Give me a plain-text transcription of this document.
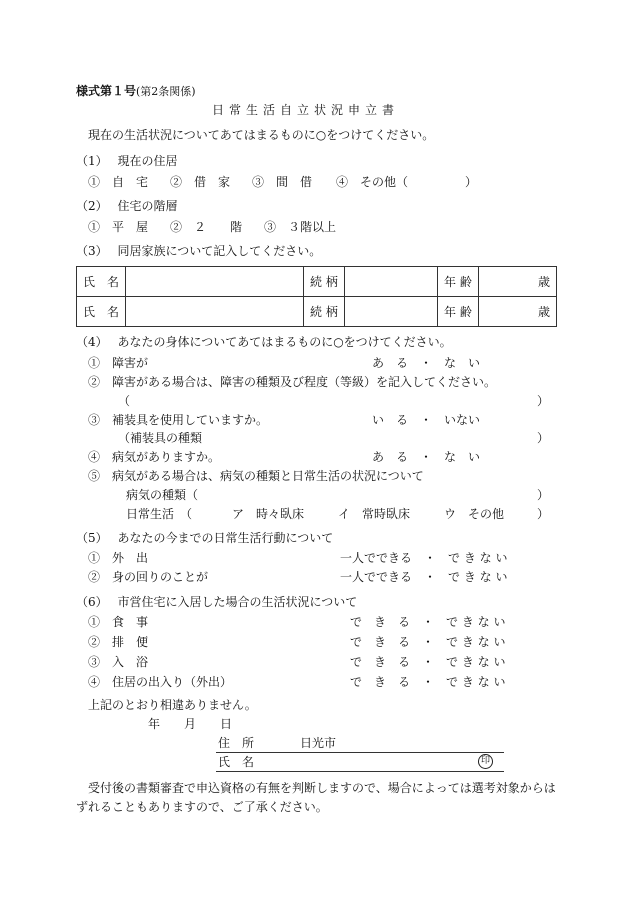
様式第１号(第2条関係)
日常生活自立状況申立書
現在の生活状況についてあてはまるものに○をつけてください。
（1）　 現在の住居
①　自　宅 ②　借　家 ③　間　借 ④　その他（	）
（2）　 住宅の階層
①　平　屋 ②　２　　階 ③　３階以上
（3）　 同居家族について記入してください。
氏　名		続 柄		年 齢	歳
氏　名		続 柄		年 齢	歳
（4）　 あなたの身体についてあてはまるものに○をつけてください。
①　障害が	あ　る　・　な　い
②　障害がある場合は、障害の種類及び程度（等級）を記入してください。
（	）
③　補装具を使用していますか。	い　る　・　いない
（補装具の種類	）
④　病気がありますか。	あ　る　・　な　い
⑤　病気がある場合は、病気の種類と日常生活の状況について
病気の種類（	）
日常生活　（	ア　時々臥床	イ　常時臥床	ウ　その他	）
（5）　 あなたの今までの日常生活行動について
①　外　出	一人でできる　・　で き な い
②　身の回りのことが	一人でできる　・　で き な い
（6）　 市営住宅に入居した場合の生活状況について
①　食　事	で　き　る　・　で き な い
②　排　便	で　き　る　・　で き な い
③　入　浴	で　き　る　・　で き な い
④　住居の出入り（外出）	で　き　る　・　で き な い
上記のとおり相違ありません。
年　　月　　日
住　所	日光市
氏　名	印
受付後の書類審査で申込資格の有無を判断しますので、場合によっては選考対象からは
ずれることもありますので、ご了承ください。
